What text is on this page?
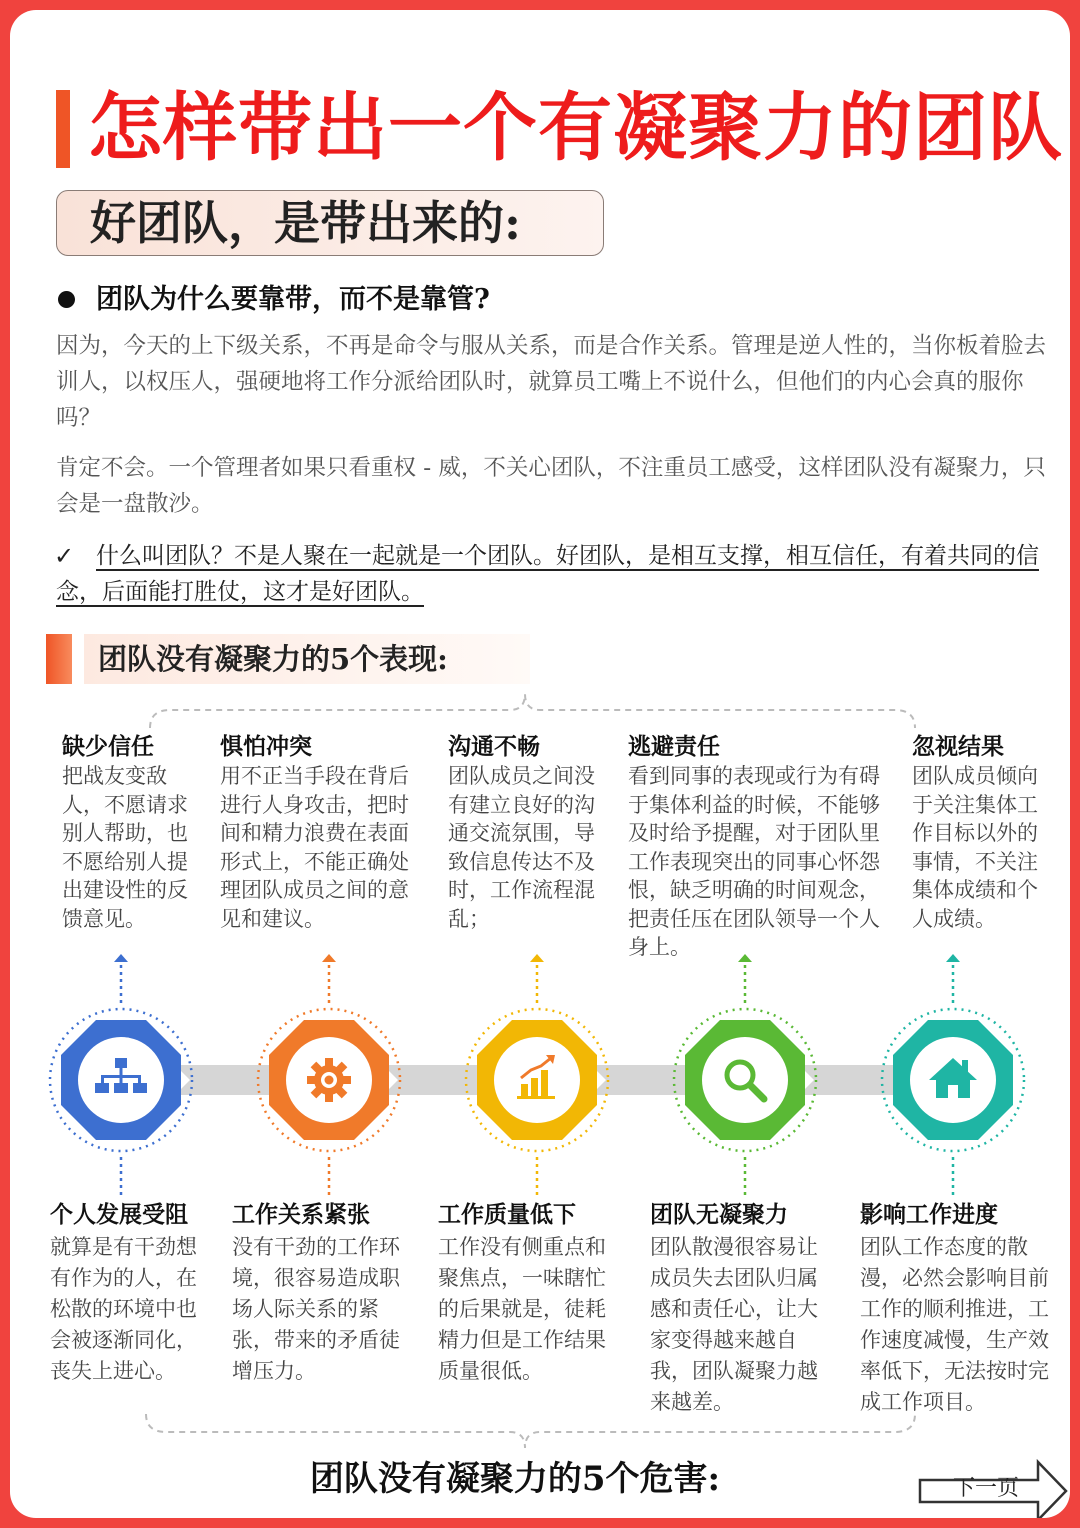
怎样带出一个有凝聚力的团队
好团队，是带出来的:
团队为什么要靠带，而不是靠管?
因为，今天的上下级关系，不再是命令与服从关系，而是合作关系。管理是逆人性的，当你板着脸去训人，以权压人，强硬地将工作分派给团队时，就算员工嘴上不说什么，但他们的内心会真的服你吗？
肯定不会。一个管理者如果只看重权 - 威，不关心团队，不注重员工感受，这样团队没有凝聚力，只会是一盘散沙。
✓ 什么叫团队？不是人聚在一起就是一个团队。好团队，是相互支撑，相互信任，有着共同的信念，后面能打胜仗，这才是好团队。
团队没有凝聚力的5个表现:
缺少信任
把战友变敌人，不愿请求别人帮助，也不愿给别人提出建设性的反馈意见。
惧怕冲突
用不正当手段在背后进行人身攻击，把时间和精力浪费在表面形式上，不能正确处理团队成员之间的意见和建议。
沟通不畅
团队成员之间没有建立良好的沟通交流氛围，导致信息传达不及时，工作流程混乱；
逃避责任
看到同事的表现或行为有碍于集体利益的时候，不能够及时给予提醒，对于团队里工作表现突出的同事心怀怨恨，缺乏明确的时间观念，把责任压在团队领导一个人身上。
忽视结果
团队成员倾向于关注集体工作目标以外的事情，不关注集体成绩和个人成绩。
个人发展受阻
就算是有干劲想有作为的人，在松散的环境中也会被逐渐同化，丧失上进心。
工作关系紧张
没有干劲的工作环境，很容易造成职场人际关系的紧张，带来的矛盾徒增压力。
工作质量低下
工作没有侧重点和聚焦点，一味瞎忙的后果就是，徒耗精力但是工作结果质量很低。
团队无凝聚力
团队散漫很容易让成员失去团队归属感和责任心，让大家变得越来越自我，团队凝聚力越来越差。
影响工作进度
团队工作态度的散漫，必然会影响目前工作的顺利推进，工作速度减慢，生产效率低下，无法按时完成工作项目。
团队没有凝聚力的5个危害:	下一页
